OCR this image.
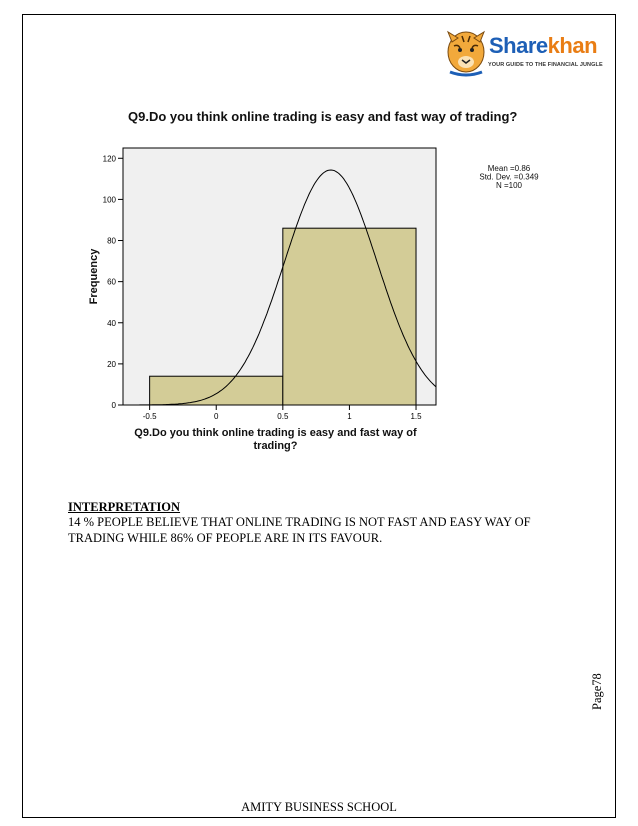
Sharekhan
YOUR GUIDE TO THE FINANCIAL JUNGLE
Q9.Do you think online trading is easy and fast way of trading?
0
20
40
60
80
100
120
-0.5	0	0.5	1	1.5
Frequency
Q9.Do you think online trading is easy and fast way of
trading?
Mean =0.86
Std. Dev. =0.349
N =100

INTERPRETATION

14 % PEOPLE BELIEVE THAT ONLINE TRADING IS NOT FAST AND EASY WAY OF TRADING WHILE 86% OF PEOPLE ARE IN ITS FAVOUR.

Page78
AMITY BUSINESS SCHOOL
